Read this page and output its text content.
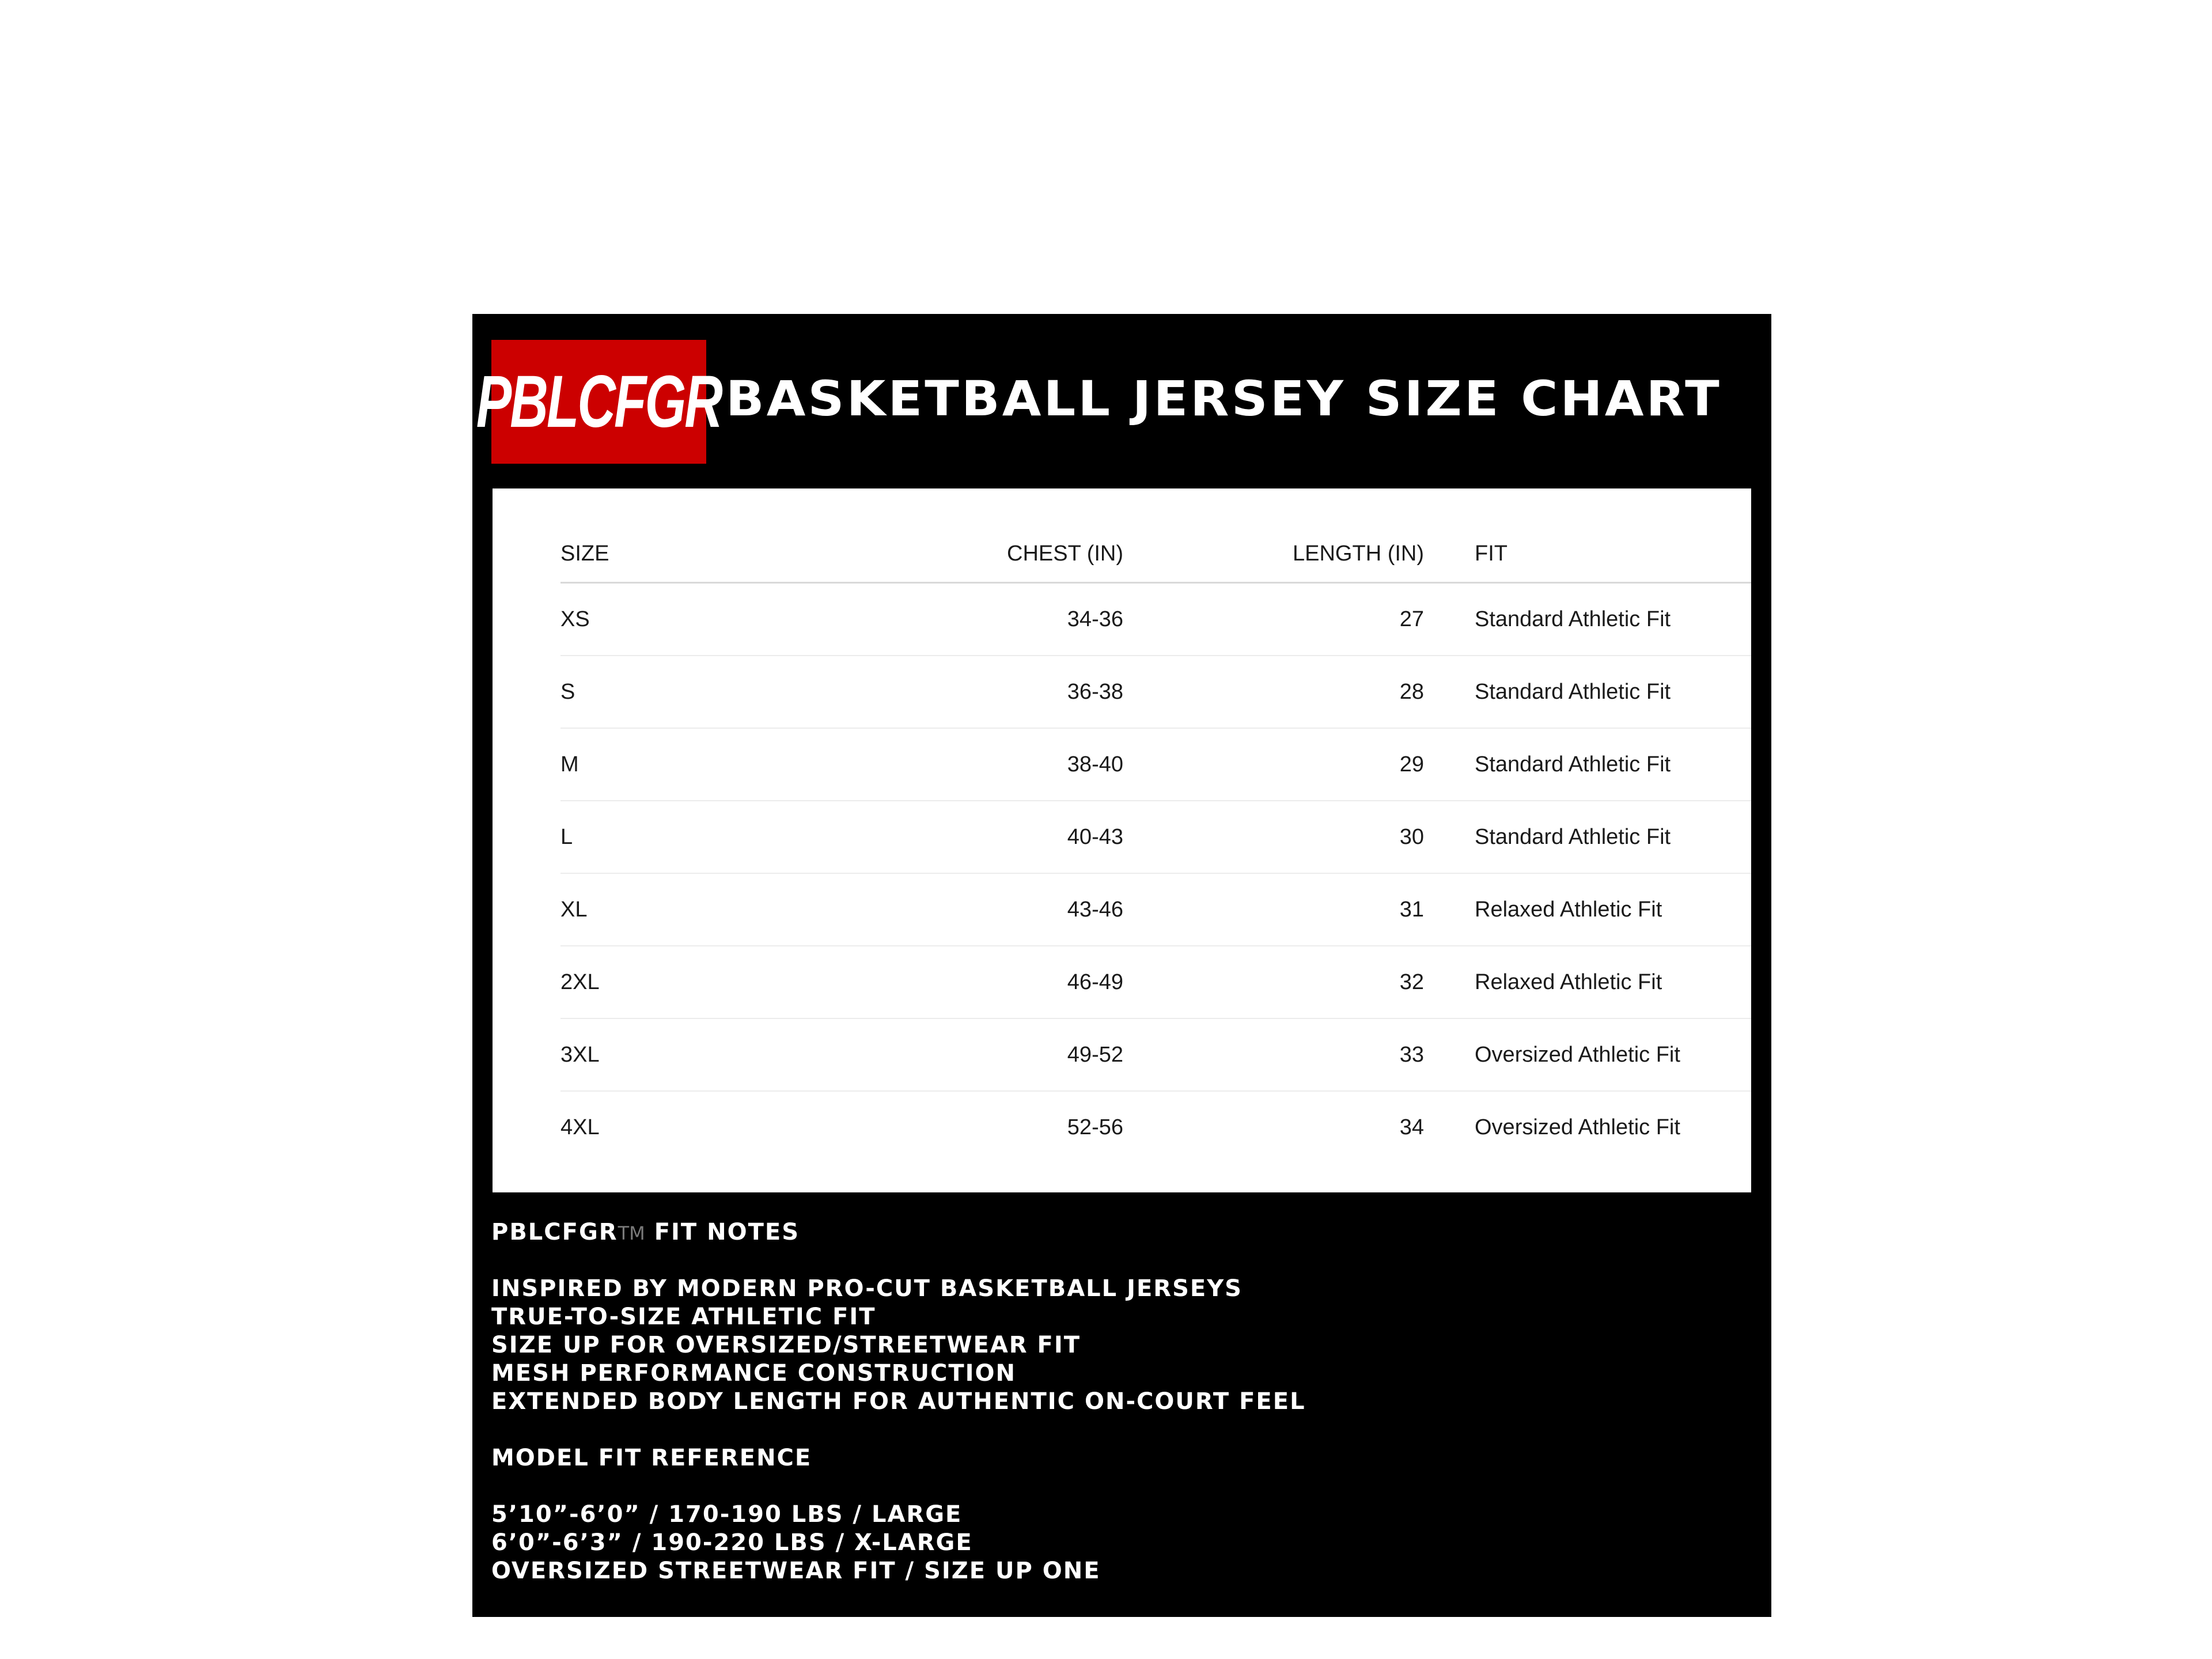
PBLCFGR BASKETBALL JERSEY SIZE CHART
SIZE	CHEST (IN)	LENGTH (IN)		FIT
XS	34-36	27		Standard Athletic Fit
S	36-38	28		Standard Athletic Fit
M	38-40	29		Standard Athletic Fit
L	40-43	30		Standard Athletic Fit
XL	43-46	31		Relaxed Athletic Fit
2XL	46-49	32		Relaxed Athletic Fit
3XL	49-52	33		Oversized Athletic Fit
4XL	52-56	34		Oversized Athletic Fit
PBLCFGRTM FIT NOTES
INSPIRED BY MODERN PRO-CUT BASKETBALL JERSEYS
TRUE-TO-SIZE ATHLETIC FIT
SIZE UP FOR OVERSIZED/STREETWEAR FIT
MESH PERFORMANCE CONSTRUCTION
EXTENDED BODY LENGTH FOR AUTHENTIC ON-COURT FEEL
MODEL FIT REFERENCE
5’10”-6’0” / 170-190 LBS / LARGE
6’0”-6’3” / 190-220 LBS / X-LARGE
OVERSIZED STREETWEAR FIT / SIZE UP ONE
